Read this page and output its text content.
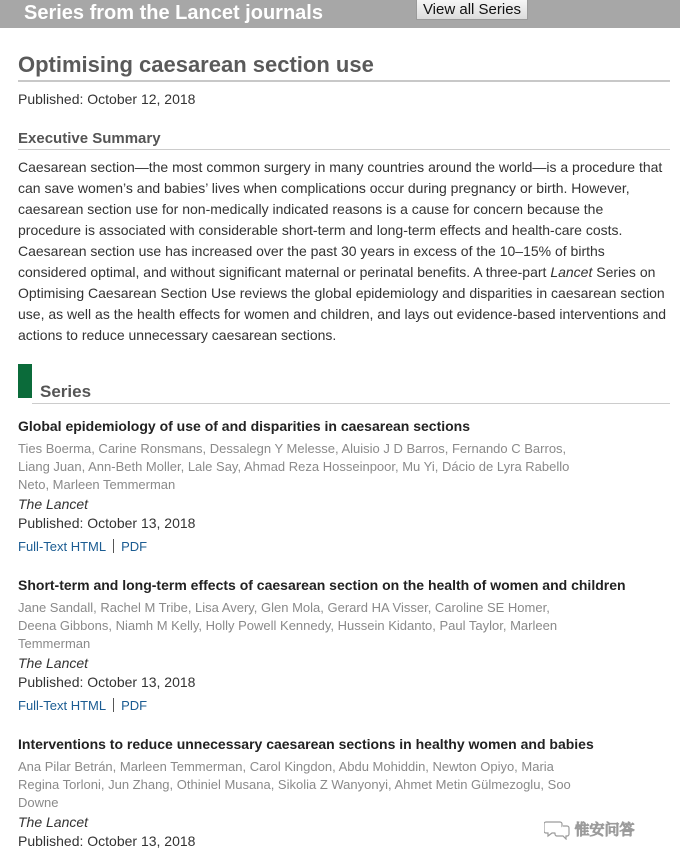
Series from the Lancet journals	View all Series
Optimising caesarean section use
Published: October 12, 2018
Executive Summary

Caesarean section—the most common surgery in many countries around the world—is a procedure that can save women’s and babies’ lives when complications occur during pregnancy or birth. However, caesarean section use for non-medically indicated reasons is a cause for concern because the procedure is associated with considerable short-term and long-term effects and health-care costs. Caesarean section use has increased over the past 30 years in excess of the 10–15% of births considered optimal, and without significant maternal or perinatal benefits. A three-part Lancet Series on Optimising Caesarean Section Use reviews the global epidemiology and disparities in caesarean section use, as well as the health effects for women and children, and lays out evidence-based interventions and actions to reduce unnecessary caesarean sections.

Series
Global epidemiology of use of and disparities in caesarean sections
Ties Boerma, Carine Ronsmans, Dessalegn Y Melesse, Aluisio J D Barros, Fernando C Barros, Liang Juan, Ann-Beth Moller, Lale Say, Ahmad Reza Hosseinpoor, Mu Yi, Dácio de Lyra Rabello Neto, Marleen Temmerman
The Lancet
Published: October 13, 2018
Full-Text HTML PDF
Short-term and long-term effects of caesarean section on the health of women and children
Jane Sandall, Rachel M Tribe, Lisa Avery, Glen Mola, Gerard HA Visser, Caroline SE Homer, Deena Gibbons, Niamh M Kelly, Holly Powell Kennedy, Hussein Kidanto, Paul Taylor, Marleen Temmerman
The Lancet
Published: October 13, 2018
Full-Text HTML PDF
Interventions to reduce unnecessary caesarean sections in healthy women and babies
Ana Pilar Betrán, Marleen Temmerman, Carol Kingdon, Abdu Mohiddin, Newton Opiyo, Maria Regina Torloni, Jun Zhang, Othiniel Musana, Sikolia Z Wanyonyi, Ahmet Metin Gülmezoglu, Soo Downe
The Lancet
Published: October 13, 2018
惟安问答
